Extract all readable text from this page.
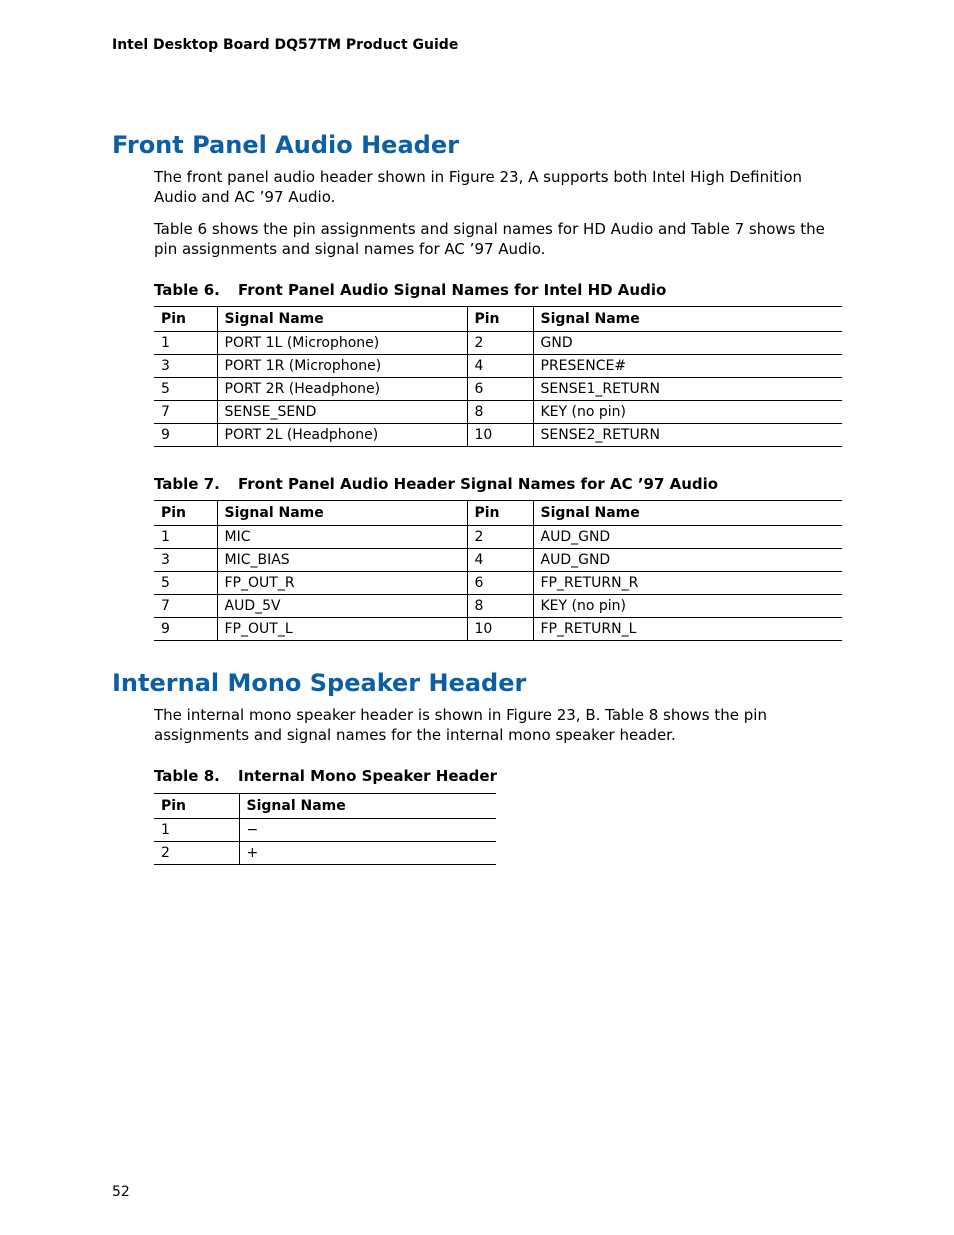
Intel Desktop Board DQ57TM Product Guide
Front Panel Audio Header

The front panel audio header shown in Figure 23, A supports both Intel High Definition Audio and AC ’97 Audio.

Table 6 shows the pin assignments and signal names for HD Audio and Table 7 shows the pin assignments and signal names for AC ’97 Audio.

Table 6. Front Panel Audio Signal Names for Intel HD Audio

Pin	Signal Name	Pin	Signal Name
1	PORT 1L (Microphone)	2	GND
3	PORT 1R (Microphone)	4	PRESENCE#
5	PORT 2R (Headphone)	6	SENSE1_RETURN
7	SENSE_SEND	8	KEY (no pin)
9	PORT 2L (Headphone)	10	SENSE2_RETURN

Table 7. Front Panel Audio Header Signal Names for AC ’97 Audio

Pin	Signal Name	Pin	Signal Name
1	MIC	2	AUD_GND
3	MIC_BIAS	4	AUD_GND
5	FP_OUT_R	6	FP_RETURN_R
7	AUD_5V	8	KEY (no pin)
9	FP_OUT_L	10	FP_RETURN_L
Internal Mono Speaker Header

The internal mono speaker header is shown in Figure 23, B. Table 8 shows the pin assignments and signal names for the internal mono speaker header.

Table 8. Internal Mono Speaker Header

Pin	Signal Name
1	−
2	+
52
